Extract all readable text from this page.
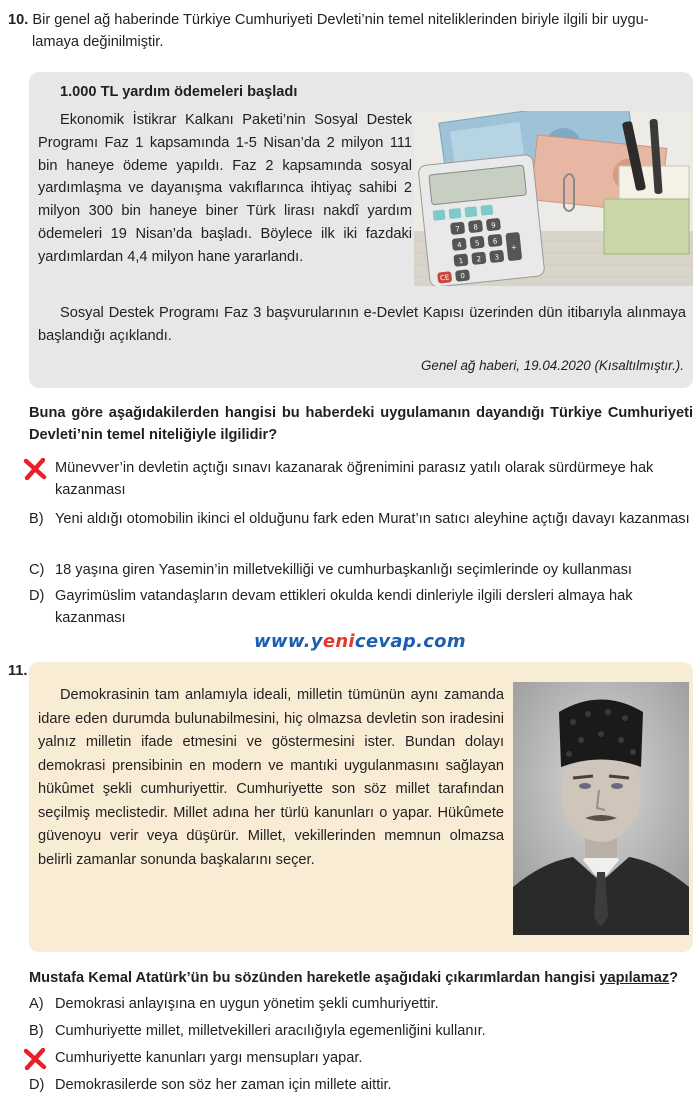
10. Bir genel ağ haberinde Türkiye Cumhuriyeti Devleti’nin temel niteliklerinden biriyle ilgili bir uygu-
lamaya değinilmiştir.
1.000 TL yardım ödemeleri başladı
Ekonomik İstikrar Kalkanı Paketi’nin Sosyal Destek Programı Faz 1 kapsamında 1-5 Nisan’da 2 milyon 111 bin haneye ödeme yapıldı. Faz 2 kapsamında sosyal yardımlaşma ve dayanışma vakıflarınca ihtiyaç sahibi 2 milyon 300 bin haneye biner Türk lirası nakdî yardım ödemeleri 19 Nisan’da başladı. Böylece ilk iki fazdaki yardımlardan 4,4 milyon hane yararlandı.
Sosyal Destek Programı Faz 3 başvurularının e-Devlet Kapısı üzerinden dün itibarıyla alınmaya başlandığı açıklandı.
Genel ağ haberi, 19.04.2020 (Kısaltılmıştır.).
7 8 9
4 5 6
1 2 3
0
CE
+
Buna göre aşağıdakilerden hangisi bu haberdeki uygulamanın dayandığı Türkiye Cumhuriyeti Devleti’nin temel niteliğiyle ilgilidir?
Münevver’in devletin açtığı sınavı kazanarak öğrenimini parasız yatılı olarak sürdürmeye hak kazanması
B) Yeni aldığı otomobilin ikinci el olduğunu fark eden Murat’ın satıcı aleyhine açtığı davayı kazanması
C) 18 yaşına giren Yasemin’in milletvekilliği ve cumhurbaşkanlığı seçimlerinde oy kullanması
D) Gayrimüslim vatandaşların devam ettikleri okulda kendi dinleriyle ilgili dersleri almaya hak kazanması
www.yenicevap.com
Demokrasinin tam anlamıyla ideali, milletin tümünün aynı zamanda idare eden durumda bulunabilmesini, hiç olmazsa devletin son iradesini yalnız milletin ifade etmesini ve göstermesini ister. Bundan dolayı demokrasi prensibinin en modern ve mantıki uygulanmasını sağlayan hükûmet şekli cumhuriyettir. Cumhuriyette son söz millet tarafından seçilmiş meclistedir. Millet adına her türlü kanunları o yapar. Hükûmete güvenoyu verir veya düşürür. Millet, vekillerinden memnun olmazsa belirli zamanlar sonunda başkalarını seçer.
11.
Mustafa Kemal Atatürk’ün bu sözünden hareketle aşağıdaki çıkarımlardan hangisi yapılamaz?
A) Demokrasi anlayışına en uygun yönetim şekli cumhuriyettir.
B) Cumhuriyette millet, milletvekilleri aracılığıyla egemenliğini kullanır.
Cumhuriyette kanunları yargı mensupları yapar.
D) Demokrasilerde son söz her zaman için millete aittir.
